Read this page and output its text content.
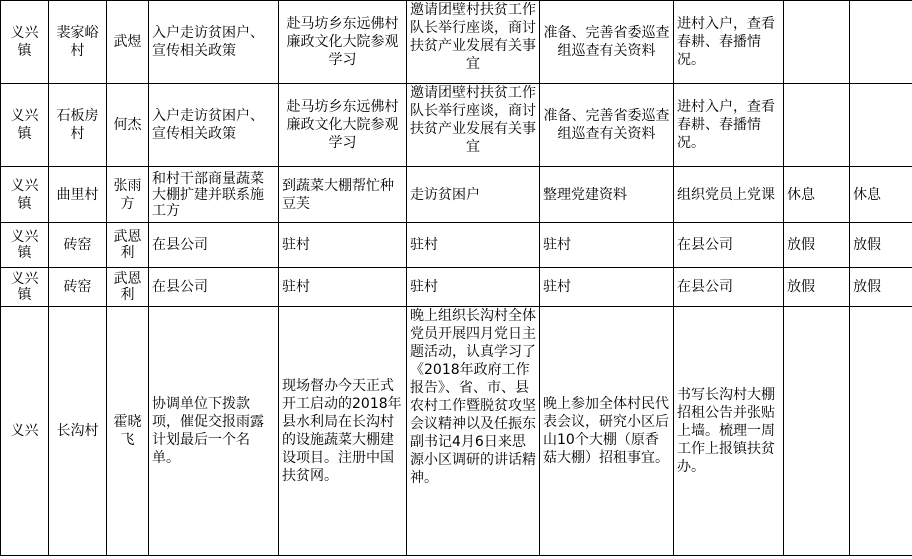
义兴镇	裴家峪村	武煜	入户走访贫困户、宣传相关政策	赴马坊乡东远佛村廉政文化大院参观学习	邀请团壁村扶贫工作队长举行座谈，商讨扶贫产业发展有关事宜	准备、完善省委巡查组巡查有关资料	进村入户，查看春耕、春播情况。		
义兴镇	石板房村	何杰	入户走访贫困户、宣传相关政策	赴马坊乡东远佛村廉政文化大院参观学习	邀请团壁村扶贫工作队长举行座谈，商讨扶贫产业发展有关事宜	准备、完善省委巡查组巡查有关资料	进村入户，查看春耕、春播情况。		
义兴镇	曲里村	张雨方	和村干部商量蔬菜大棚扩建并联系施工方	到蔬菜大棚帮忙种豆芙	走访贫困户	整理党建资料	组织党员上党课	休息	休息
义兴镇	砖窑	武恩利	在县公司	驻村	驻村	驻村	在县公司	放假	放假
义兴镇	砖窑	武恩利	在县公司	驻村	驻村	驻村	在县公司	放假	放假
义兴	长沟村	霍晓飞	协调单位下拨款项，催促交报雨露计划最后一个名单。	现场督办今天正式开工启动的2018年县水利局在长沟村的设施蔬菜大棚建设项目。注册中国扶贫网。	晚上组织长沟村全体党员开展四月党日主题活动，认真学习了《2018年政府工作报告》、省、市、县农村工作暨脱贫攻坚会议精神以及任振东副书记4月6日来思源小区调研的讲话精神。	晚上参加全体村民代表会议，研究小区后山10个大棚（原香菇大棚）招租事宜。	书写长沟村大棚招租公告并张贴上墙。梳理一周工作上报镇扶贫办。		
